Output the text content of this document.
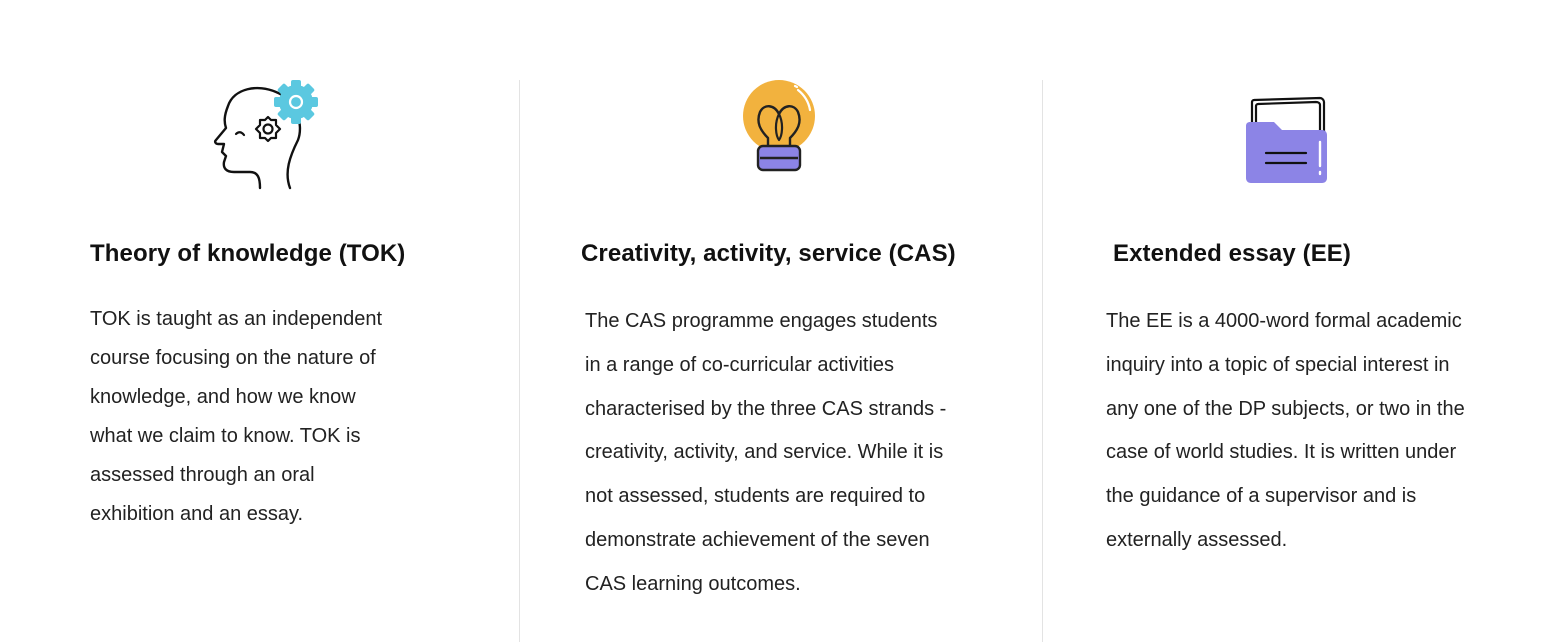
Theory of knowledge (TOK)

TOK is taught as an independent
course focusing on the nature of
knowledge, and how we know
what we claim to know. TOK is
assessed through an oral
exhibition and an essay.

Creativity, activity, service (CAS)

The CAS programme engages students
in a range of co-curricular activities
characterised by the three CAS strands -
creativity, activity, and service. While it is
not assessed, students are required to
demonstrate achievement of the seven
CAS learning outcomes.

Extended essay (EE)

The EE is a 4000-word formal academic
inquiry into a topic of special interest in
any one of the DP subjects, or two in the
case of world studies. It is written under
the guidance of a supervisor and is
externally assessed.
